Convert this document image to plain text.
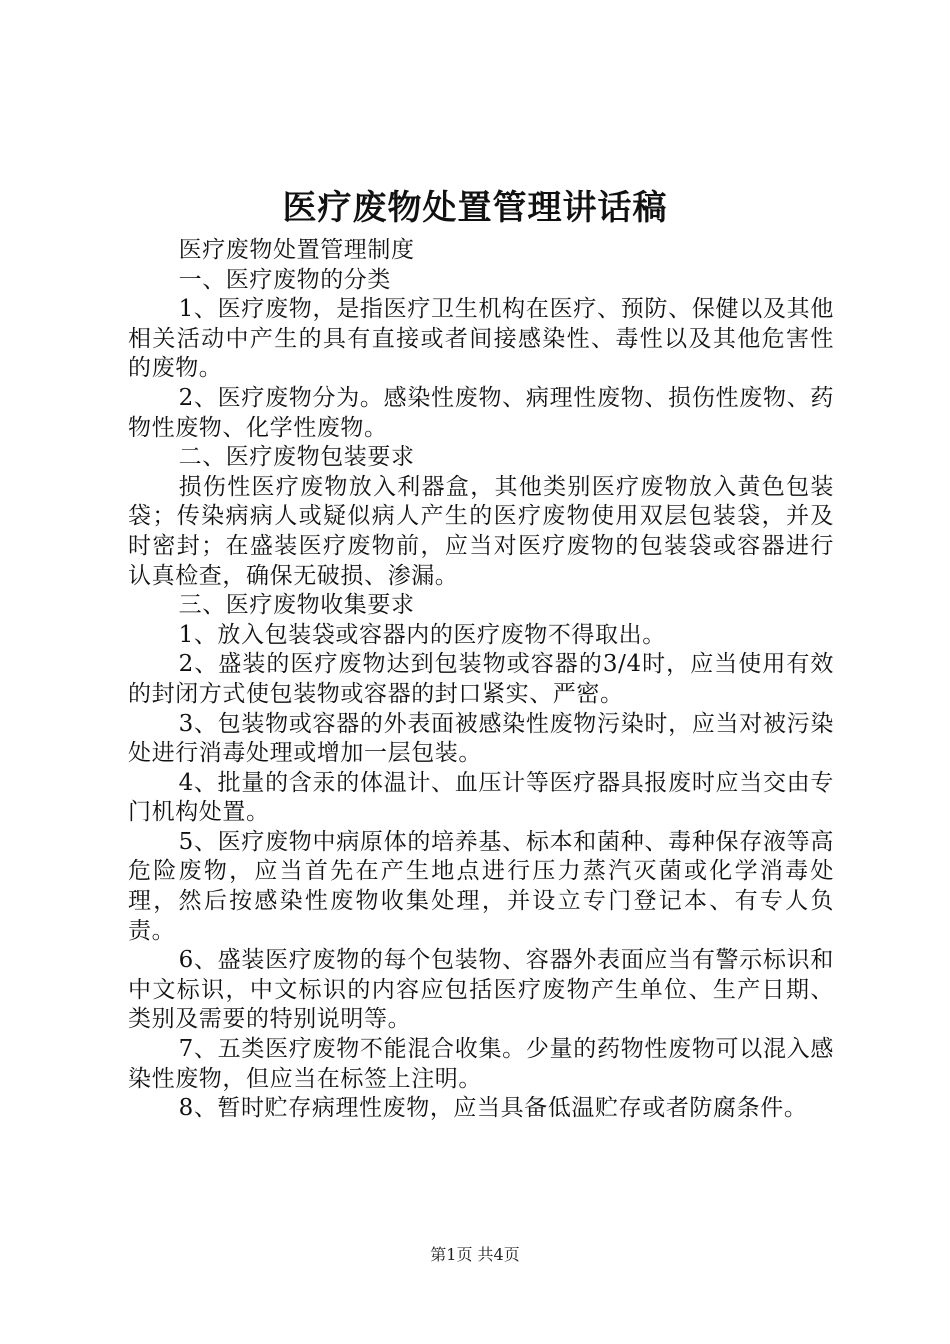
医疗废物处置管理讲话稿

医疗废物处置管理制度

一、医疗废物的分类

1、医疗废物，是指医疗卫生机构在医疗、预防、保健以及其他相关活动中产生的具有直接或者间接感染性、毒性以及其他危害性的废物。

2、医疗废物分为。感染性废物、病理性废物、损伤性废物、药物性废物、化学性废物。

二、医疗废物包装要求

损伤性医疗废物放入利器盒，其他类别医疗废物放入黄色包装袋；传染病病人或疑似病人产生的医疗废物使用双层包装袋，并及时密封；在盛装医疗废物前，应当对医疗废物的包装袋或容器进行认真检查，确保无破损、渗漏。

三、医疗废物收集要求

1、放入包装袋或容器内的医疗废物不得取出。

2、盛装的医疗废物达到包装物或容器的3/4时，应当使用有效的封闭方式使包装物或容器的封口紧实、严密。

3、包装物或容器的外表面被感染性废物污染时，应当对被污染处进行消毒处理或增加一层包装。

4、批量的含汞的体温计、血压计等医疗器具报废时应当交由专门机构处置。

5、医疗废物中病原体的培养基、标本和菌种、毒种保存液等高危险废物，应当首先在产生地点进行压力蒸汽灭菌或化学消毒处理，然后按感染性废物收集处理，并设立专门登记本、有专人负责。

6、盛装医疗废物的每个包装物、容器外表面应当有警示标识和中文标识，中文标识的内容应包括医疗废物产生单位、生产日期、类别及需要的特别说明等。

7、五类医疗废物不能混合收集。少量的药物性废物可以混入感染性废物，但应当在标签上注明。

8、暂时贮存病理性废物，应当具备低温贮存或者防腐条件。

第1页 共4页
